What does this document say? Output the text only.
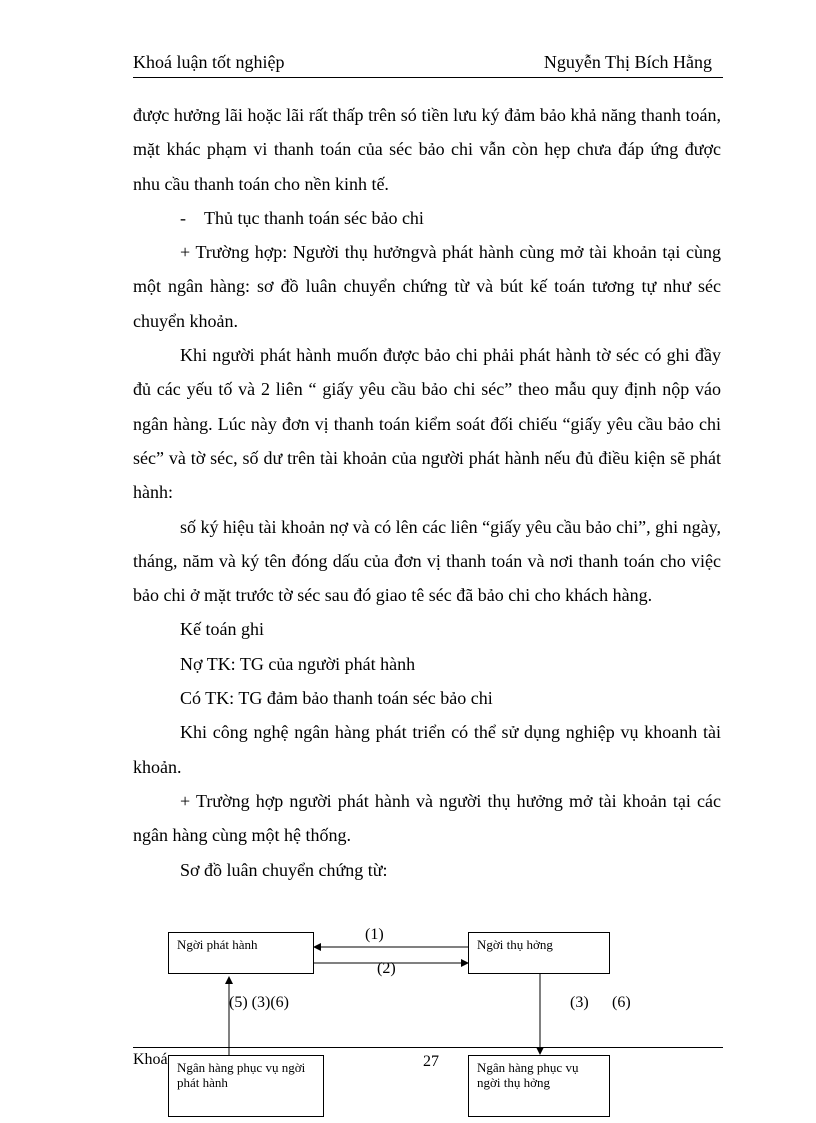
Khoá luận tốt nghiệp	Nguyễn Thị Bích Hằng

được hưởng lãi hoặc lãi rất thấp trên só tiền lưu ký đảm bảo khả năng thanh toán, mặt khác phạm vi thanh toán của séc bảo chi vẫn còn hẹp chưa đáp ứng được nhu cầu thanh toán cho nền kinh tế.

- Thủ tục thanh toán séc bảo chi

+ Trường hợp: Người thụ hưởngvà phát hành cùng mở tài khoản tại cùng một ngân hàng: sơ đồ luân chuyển chứng từ và bút kế toán tương tự như séc chuyển khoản.

Khi người phát hành muốn được bảo chi phải phát hành tờ séc có ghi đầy đủ các yếu tố và 2 liên “ giấy yêu cầu bảo chi séc” theo mẫu quy định nộp váo ngân hàng. Lúc này đơn vị thanh toán kiểm soát đối chiếu “giấy yêu cầu bảo chi séc” và tờ séc, số dư trên tài khoản của người phát hành nếu đủ điều kiện sẽ phát hành:

số ký hiệu tài khoản nợ và có lên các liên “giấy yêu cầu bảo chi”, ghi ngày, tháng, năm và ký tên đóng dấu của đơn vị thanh toán và nơi thanh toán cho việc bảo chi ở mặt trước tờ séc sau đó giao tê séc đã bảo chi cho khách hàng.

Kế toán ghi

Nợ TK: TG của người phát hành

Có TK: TG đảm bảo thanh toán séc bảo chi

Khi công nghệ ngân hàng phát triển có thể sử dụng nghiệp vụ khoanh tài khoản.

+ Trường hợp người phát hành và người thụ hưởng mở tài khoản tại các ngân hàng cùng một hệ thống.

Sơ đồ luân chuyển chứng từ:

Ngời phát hành	Ngời thụ hởng
(1)
(2)
(5) (3)(6)	(3) (6)
Khoá	27
Ngân hàng phục vụ ngời phát hành
Ngân hàng phục vụ ngời thụ hởng
